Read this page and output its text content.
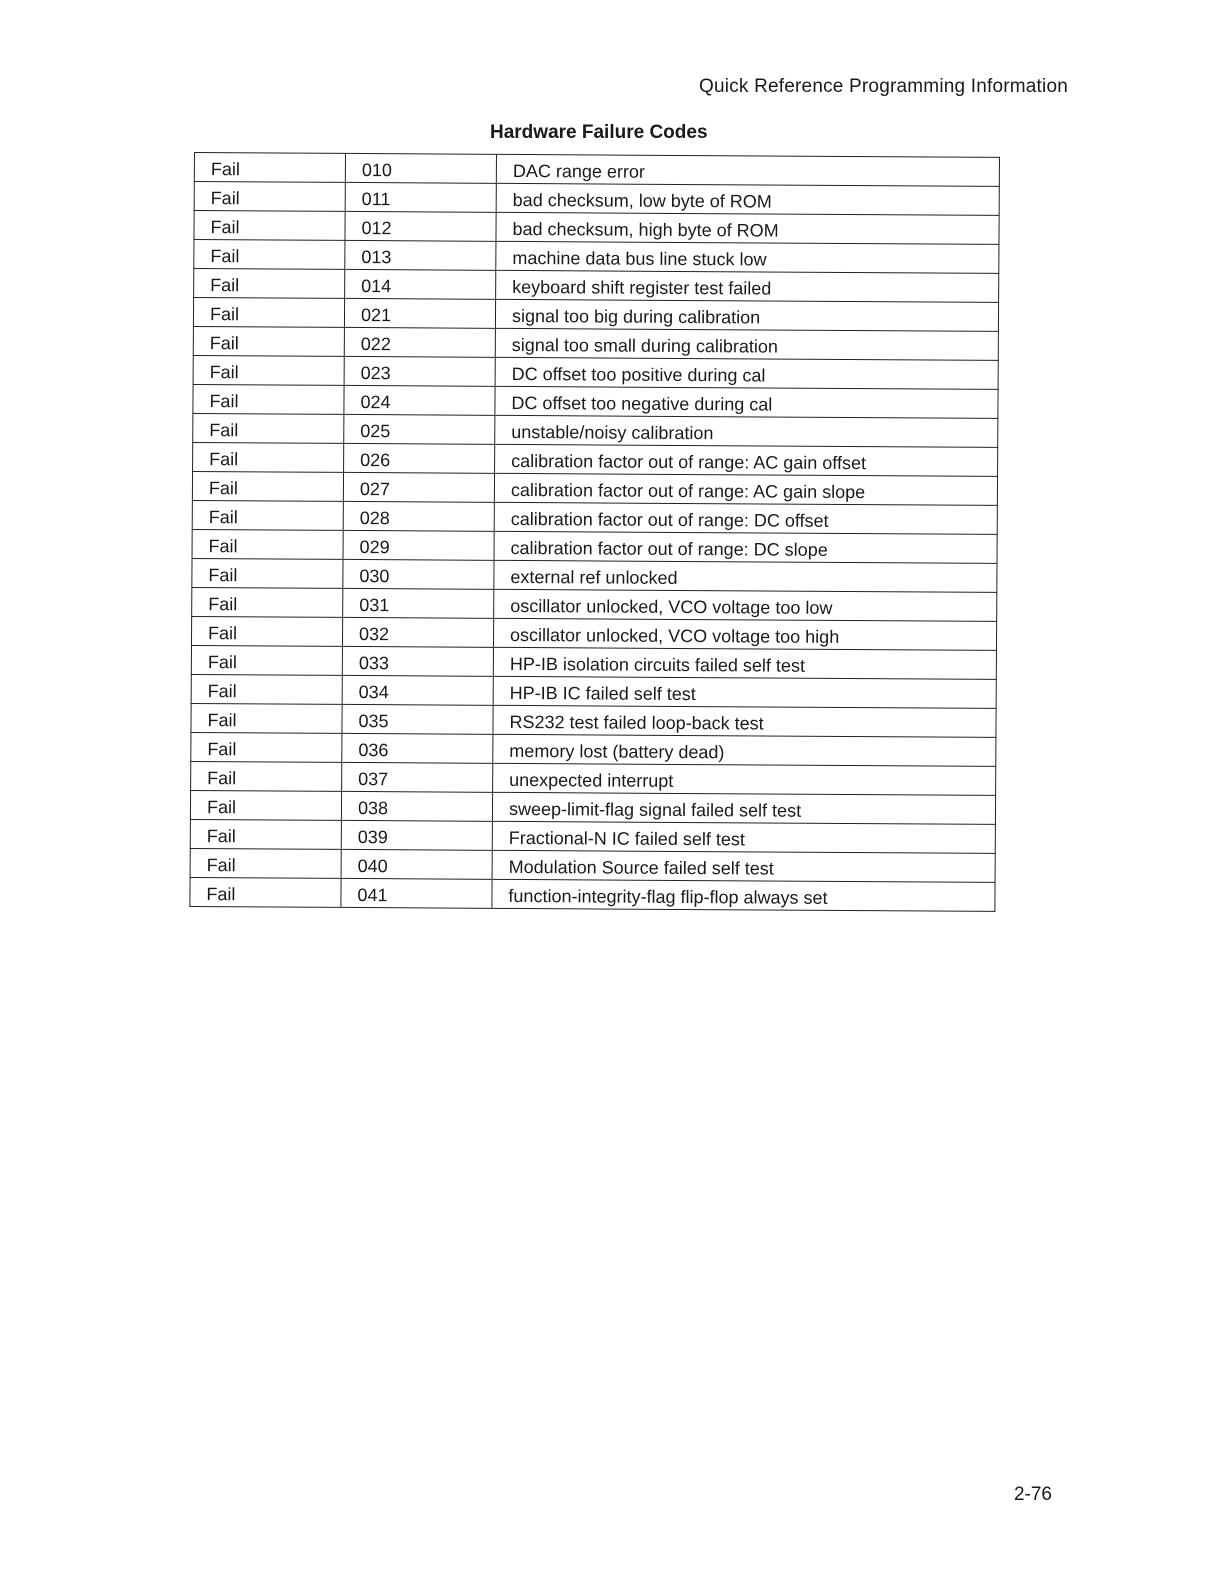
Quick Reference Programming Information
Hardware Failure Codes
Fail	010	DAC range error
Fail	011	bad checksum, low byte of ROM
Fail	012	bad checksum, high byte of ROM
Fail	013	machine data bus line stuck low
Fail	014	keyboard shift register test failed
Fail	021	signal too big during calibration
Fail	022	signal too small during calibration
Fail	023	DC offset too positive during cal
Fail	024	DC offset too negative during cal
Fail	025	unstable/noisy calibration
Fail	026	calibration factor out of range: AC gain offset
Fail	027	calibration factor out of range: AC gain slope
Fail	028	calibration factor out of range: DC offset
Fail	029	calibration factor out of range: DC slope
Fail	030	external ref unlocked
Fail	031	oscillator unlocked, VCO voltage too low
Fail	032	oscillator unlocked, VCO voltage too high
Fail	033	HP-IB isolation circuits failed self test
Fail	034	HP-IB IC failed self test
Fail	035	RS232 test failed loop-back test
Fail	036	memory lost (battery dead)
Fail	037	unexpected interrupt
Fail	038	sweep-limit-flag signal failed self test
Fail	039	Fractional-N IC failed self test
Fail	040	Modulation Source failed self test
Fail	041	function-integrity-flag flip-flop always set
2-76
